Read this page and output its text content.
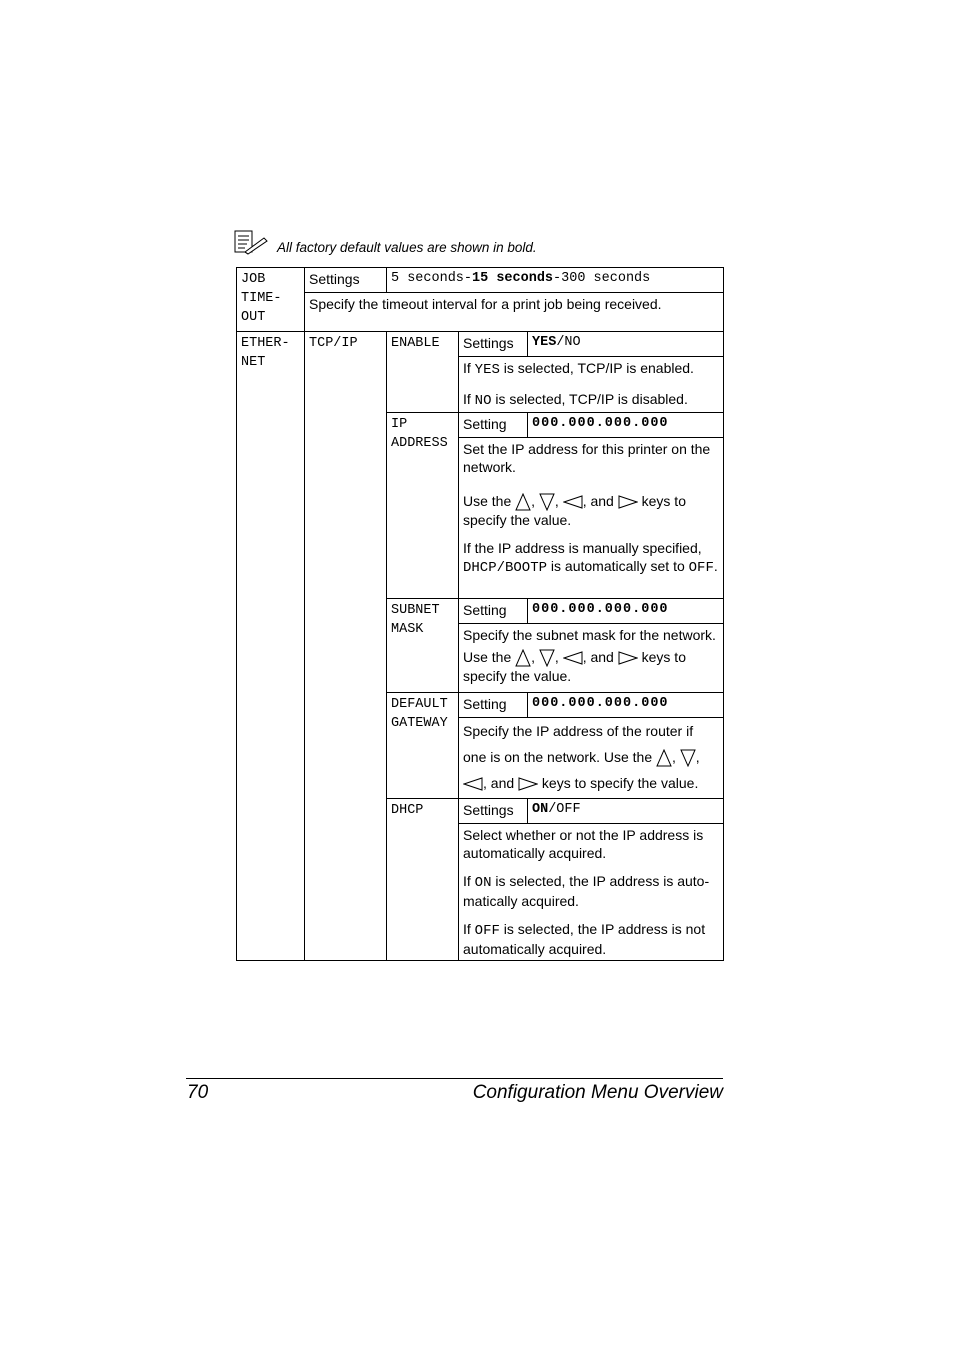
All factory default values are shown in bold.
JOB TIME-OUT	Settings	5 seconds-15 seconds-300 seconds		
	Specify the timeout interval for a print job being received.			
ETHER-NET	TCP/IP	ENABLE	Settings	YES/NO

			If YES is selected, TCP/IP is enabled.

If NO is selected, TCP/IP is disabled.	

		IP ADDRESS	Setting	000.000.000.000

			Set the IP address for this printer on the network.

Use the , , , and  keys to specify the value.

If the IP address is manually specified, DHCP/BOOTP is automatically set to OFF.	

		SUBNET MASK	Setting	000.000.000.000

			Specify the subnet mask for the network.

Use the , , , and  keys to specify the value.	

		DEFAULT GATEWAY	Setting	000.000.000.000
			Specify the IP address of the router if one is on the network. Use the , , , and  keys to specify the value.	
		DHCP	Settings	ON/OFF

			Select whether or not the IP address is automatically acquired.

If ON is selected, the IP address is auto-matically acquired.

If OFF is selected, the IP address is not automatically acquired.	

70	Configuration Menu Overview
